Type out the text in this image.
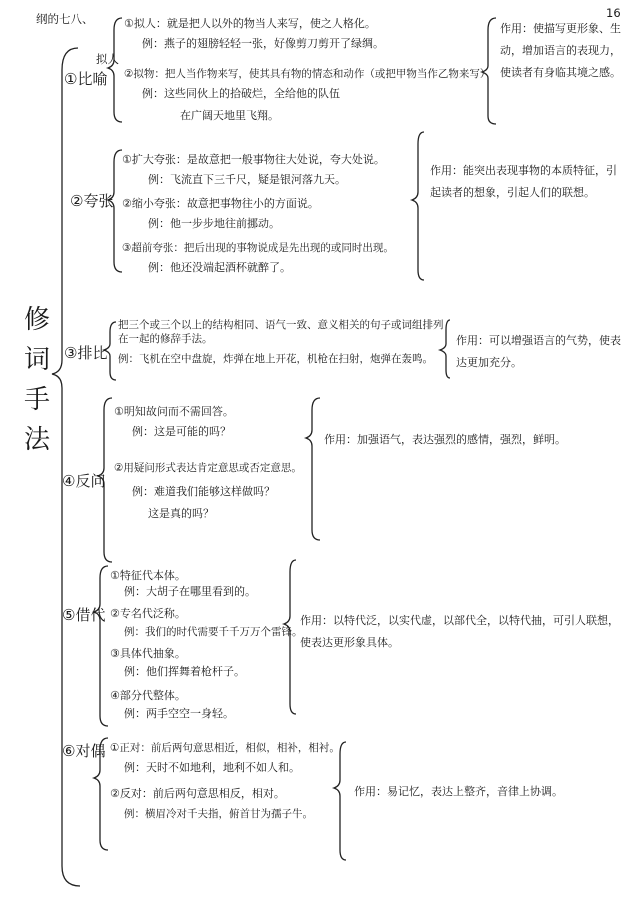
纲的七八、	16
修
词
手
法
拟人
①比喻
①拟人：就是把人以外的物当人来写，使之人格化。
例：燕子的翅膀轻轻一张，好像剪刀剪开了绿绸。
②拟物：把人当作物来写，使其具有物的情态和动作（或把甲物当作乙物来写）
例：这些同伙上的拾破烂，全给他的队伍
在广阔天地里飞翔。
作用：使描写更形象、生动，增加语言的表现力，使读者有身临其境之感。
②夸张
①扩大夸张：是故意把一般事物往大处说，夸大处说。
例：飞流直下三千尺，疑是银河落九天。
②缩小夸张：故意把事物往小的方面说。
例：他一步步地往前挪动。
③超前夸张：把后出现的事物说成是先出现的或同时出现。
例：他还没端起酒杯就醉了。
作用：能突出表现事物的本质特征，引起读者的想象，引起人们的联想。
③排比
把三个或三个以上的结构相同、语气一致、意义相关的句子或词组排列在一起的修辞手法。
例：飞机在空中盘旋，炸弹在地上开花，机枪在扫射，炮弹在轰鸣。
作用：可以增强语言的气势，使表达更加充分。
④反问
①明知故问而不需回答。
例：这是可能的吗？
②用疑问形式表达肯定意思或否定意思。
例：难道我们能够这样做吗？
这是真的吗？
作用：加强语气，表达强烈的感情，强烈，鲜明。
⑤借代
①特征代本体。
例：大胡子在哪里看到的。
②专名代泛称。
例：我们的时代需要千千万万个雷锋。
③具体代抽象。
例：他们挥舞着枪杆子。
④部分代整体。
例：两手空空一身轻。
作用：以特代泛，以实代虚，以部代全，以特代抽，可引人联想，使表达更形象具体。
⑥对偶 ①正对：前后两句意思相近，相似，相补，相衬。
例：天时不如地利，地利不如人和。
②反对：前后两句意思相反，相对。
例：横眉冷对千夫指，俯首甘为孺子牛。
作用：易记忆，表达上整齐，音律上协调。
